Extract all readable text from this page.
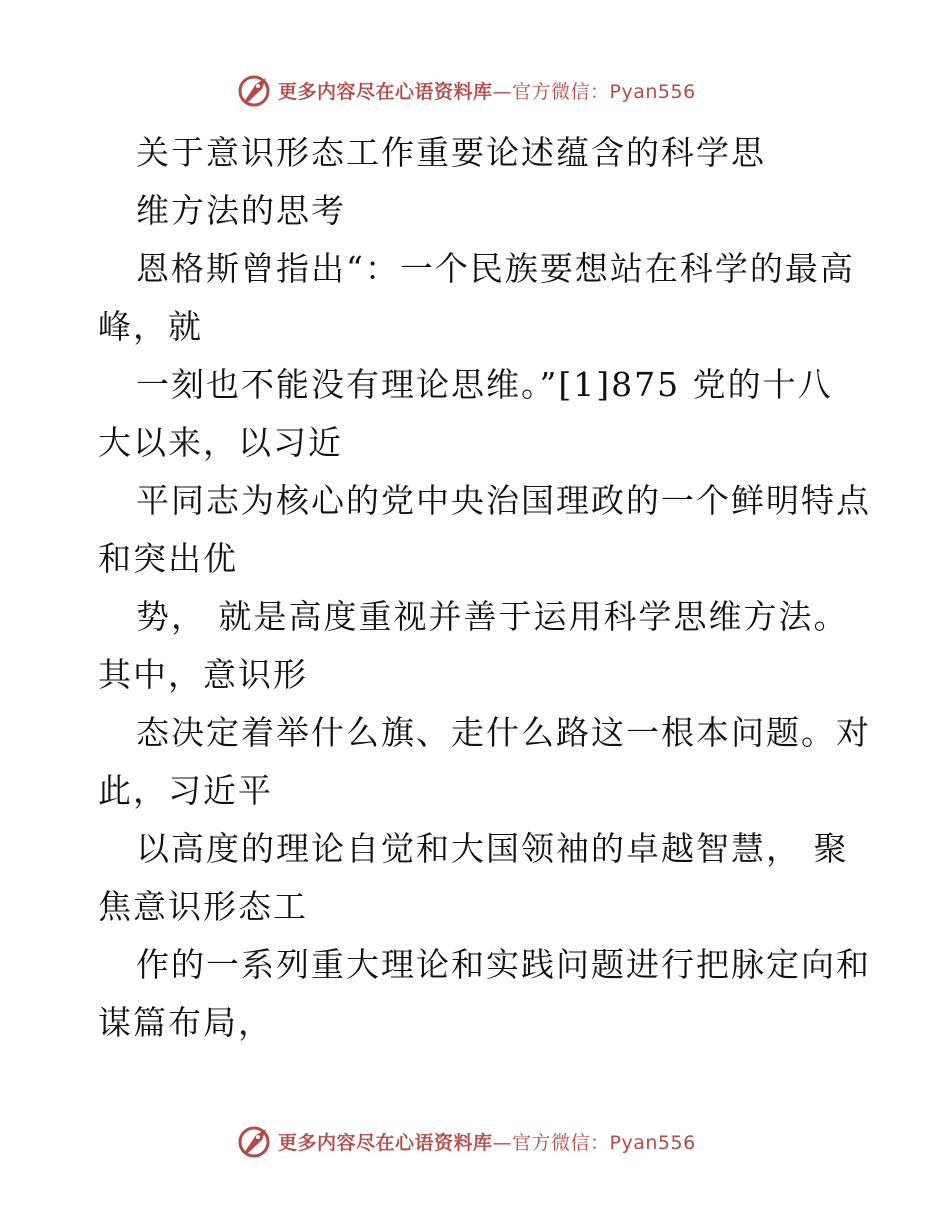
更多内容尽在心语资料库—官方微信：Pyan556
关于意识形态工作重要论述蕴含的科学思
维方法的思考
恩格斯曾指出“：一个民族要想站在科学的最高
峰，就
一刻也不能没有理论思维。”[1]875 党的十八
大以来，以习近
平同志为核心的党中央治国理政的一个鲜明特点
和突出优
势， 就是高度重视并善于运用科学思维方法。
其中，意识形
态决定着举什么旗、走什么路这一根本问题。对
此，习近平
以高度的理论自觉和大国领袖的卓越智慧， 聚
焦意识形态工
作的一系列重大理论和实践问题进行把脉定向和
谋篇布局，
更多内容尽在心语资料库—官方微信：Pyan556
